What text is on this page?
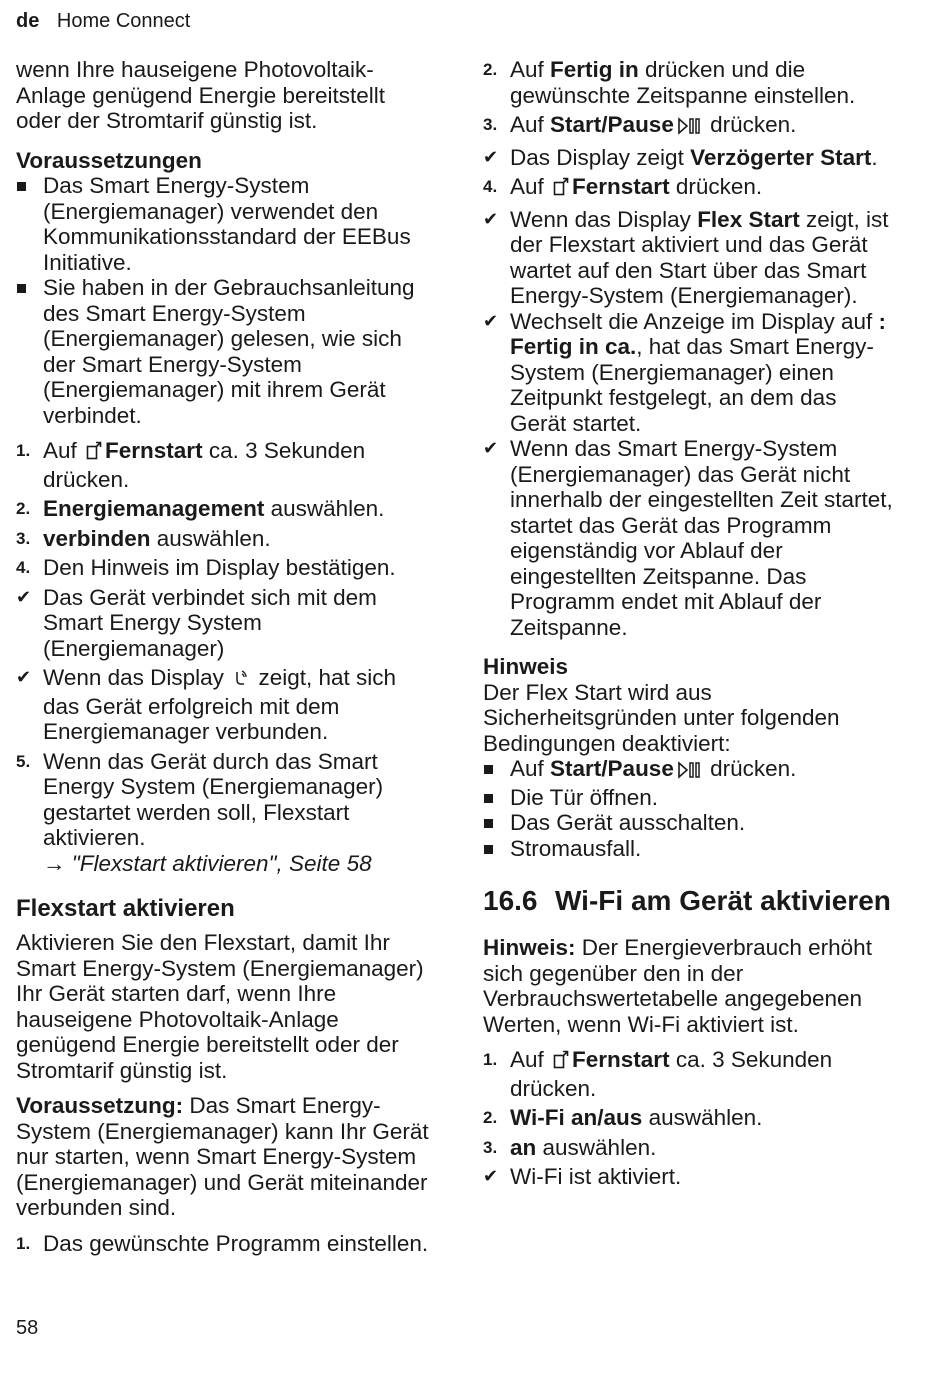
de Home Connect

wenn Ihre hauseigene Photovoltaik-Anlage genügend Energie bereitstellt oder der Stromtarif günstig ist.

Voraussetzungen

Das Smart Energy-System (Energiemanager) verwendet den Kommunikationsstandard der EEBus Initiative.
Sie haben in der Gebrauchsanleitung des Smart Energy-System (Energiemanager) gelesen, wie sich der Smart Energy-System (Energiemanager) mit ihrem Gerät verbindet.
1. Auf Fernstart ca. 3 Sekunden drücken.
2. Energiemanagement auswählen.
3. verbinden auswählen.
4. Den Hinweis im Display bestätigen.
✔ Das Gerät verbindet sich mit dem Smart Energy System (Energiemanager)
✔ Wenn das Display  zeigt, hat sich das Gerät erfolgreich mit dem Energiemanager verbunden.
5. Wenn das Gerät durch das Smart Energy System (Energiemanager) gestartet werden soll, Flexstart aktivieren.

→ "Flexstart aktivieren", Seite 58

Flexstart aktivieren

Aktivieren Sie den Flexstart, damit Ihr Smart Energy-System (Energiemanager) Ihr Gerät starten darf, wenn Ihre hauseigene Photovoltaik-Anlage genügend Energie bereitstellt oder der Stromtarif günstig ist.

Voraussetzung: Das Smart Energy-System (Energiemanager) kann Ihr Gerät nur starten, wenn Smart Energy-System (Energiemanager) und Gerät miteinander verbunden sind.

1. Das gewünschte Programm einstellen.
2. Auf Fertig in drücken und die gewünschte Zeitspanne einstellen.
3. Auf Start/Pause drücken.
✔ Das Display zeigt Verzögerter Start.
4. Auf Fernstart drücken.
✔ Wenn das Display Flex Start zeigt, ist der Flexstart aktiviert und das Gerät wartet auf den Start über das Smart Energy-System (Energiemanager).
✔ Wechselt die Anzeige im Display auf : Fertig in ca., hat das Smart Energy-System (Energiemanager) einen Zeitpunkt festgelegt, an dem das Gerät startet.
✔ Wenn das Smart Energy-System (Energiemanager) das Gerät nicht innerhalb der eingestellten Zeit startet, startet das Gerät das Programm eigenständig vor Ablauf der eingestellten Zeitspanne. Das Programm endet mit Ablauf der Zeitspanne.

Hinweis

Der Flex Start wird aus Sicherheitsgründen unter folgenden Bedingungen deaktiviert:

Auf Start/Pause drücken.
Die Tür öffnen.
Das Gerät ausschalten.
Stromausfall.
16.6 Wi-Fi am Gerät aktivieren

Hinweis: Der Energieverbrauch erhöht sich gegenüber den in der Verbrauchswertetabelle angegebenen Werten, wenn Wi-Fi aktiviert ist.

1. Auf Fernstart ca. 3 Sekunden drücken.
2. Wi-Fi an/aus auswählen.
3. an auswählen.
✔ Wi-Fi ist aktiviert.
58
